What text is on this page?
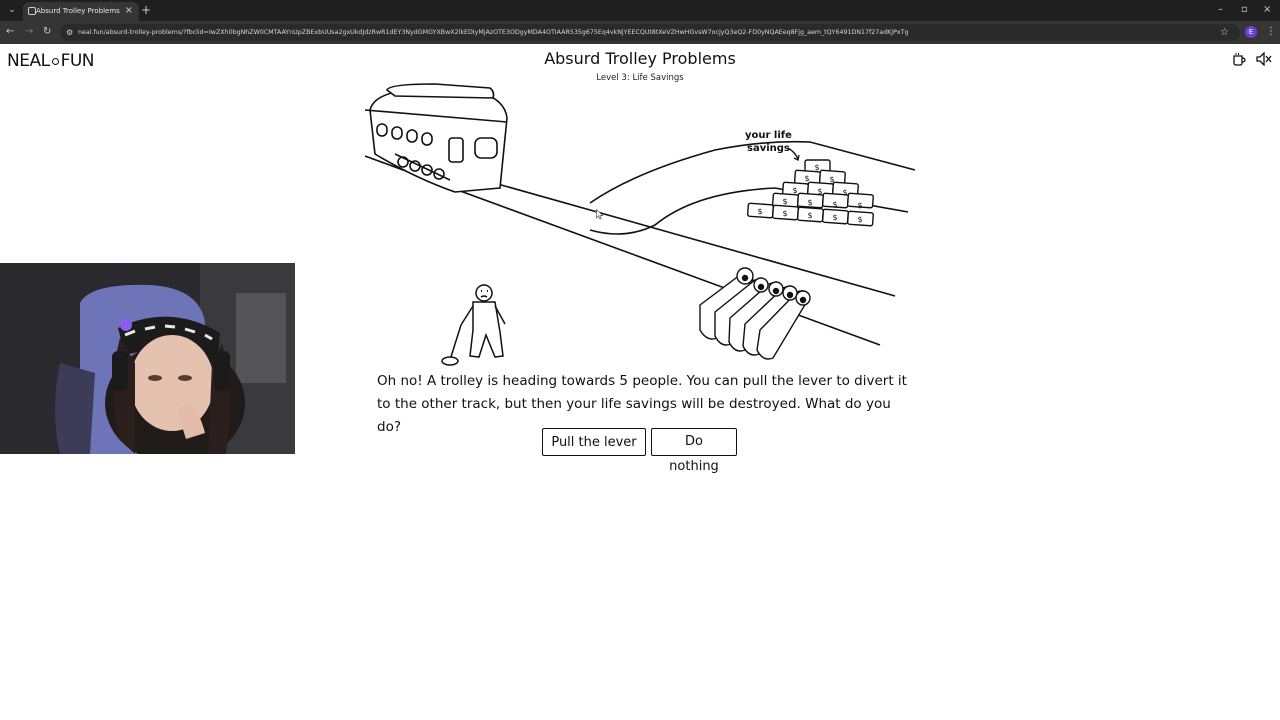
⌄	Absurd Trolley Problems × +	– ▫ ×
← → ↻ ⚙ neal.fun/absurd-trolley-problems/?fbclid=IwZXh0bgNhZW0CMTAAYnUpZBExbUUsa2gxUkdJdzRwR1dEY3NydGMGYXBwX2lkEDIyMjAzOTE3ODgyMDA4OTIAAR535g675Eq4vkNjYEECQUt8tXeVZHwHGvsW7ocJyQ3eQ2-FD0yNQAEeq8Fjg_aem_tQY6491DN17f27adKJPxTg	☆	E	⋮
NEAL FUN	Absurd Trolley Problems
Level 3: Life Savings
$
$ $
$ $ $
$ $ $ $
$ $ $ $ $
your life
savings
Oh no! A trolley is heading towards 5 people. You can pull the lever to divert it to the other track, but then your life savings will be destroyed. What do you do?
Pull the lever	Do nothing
